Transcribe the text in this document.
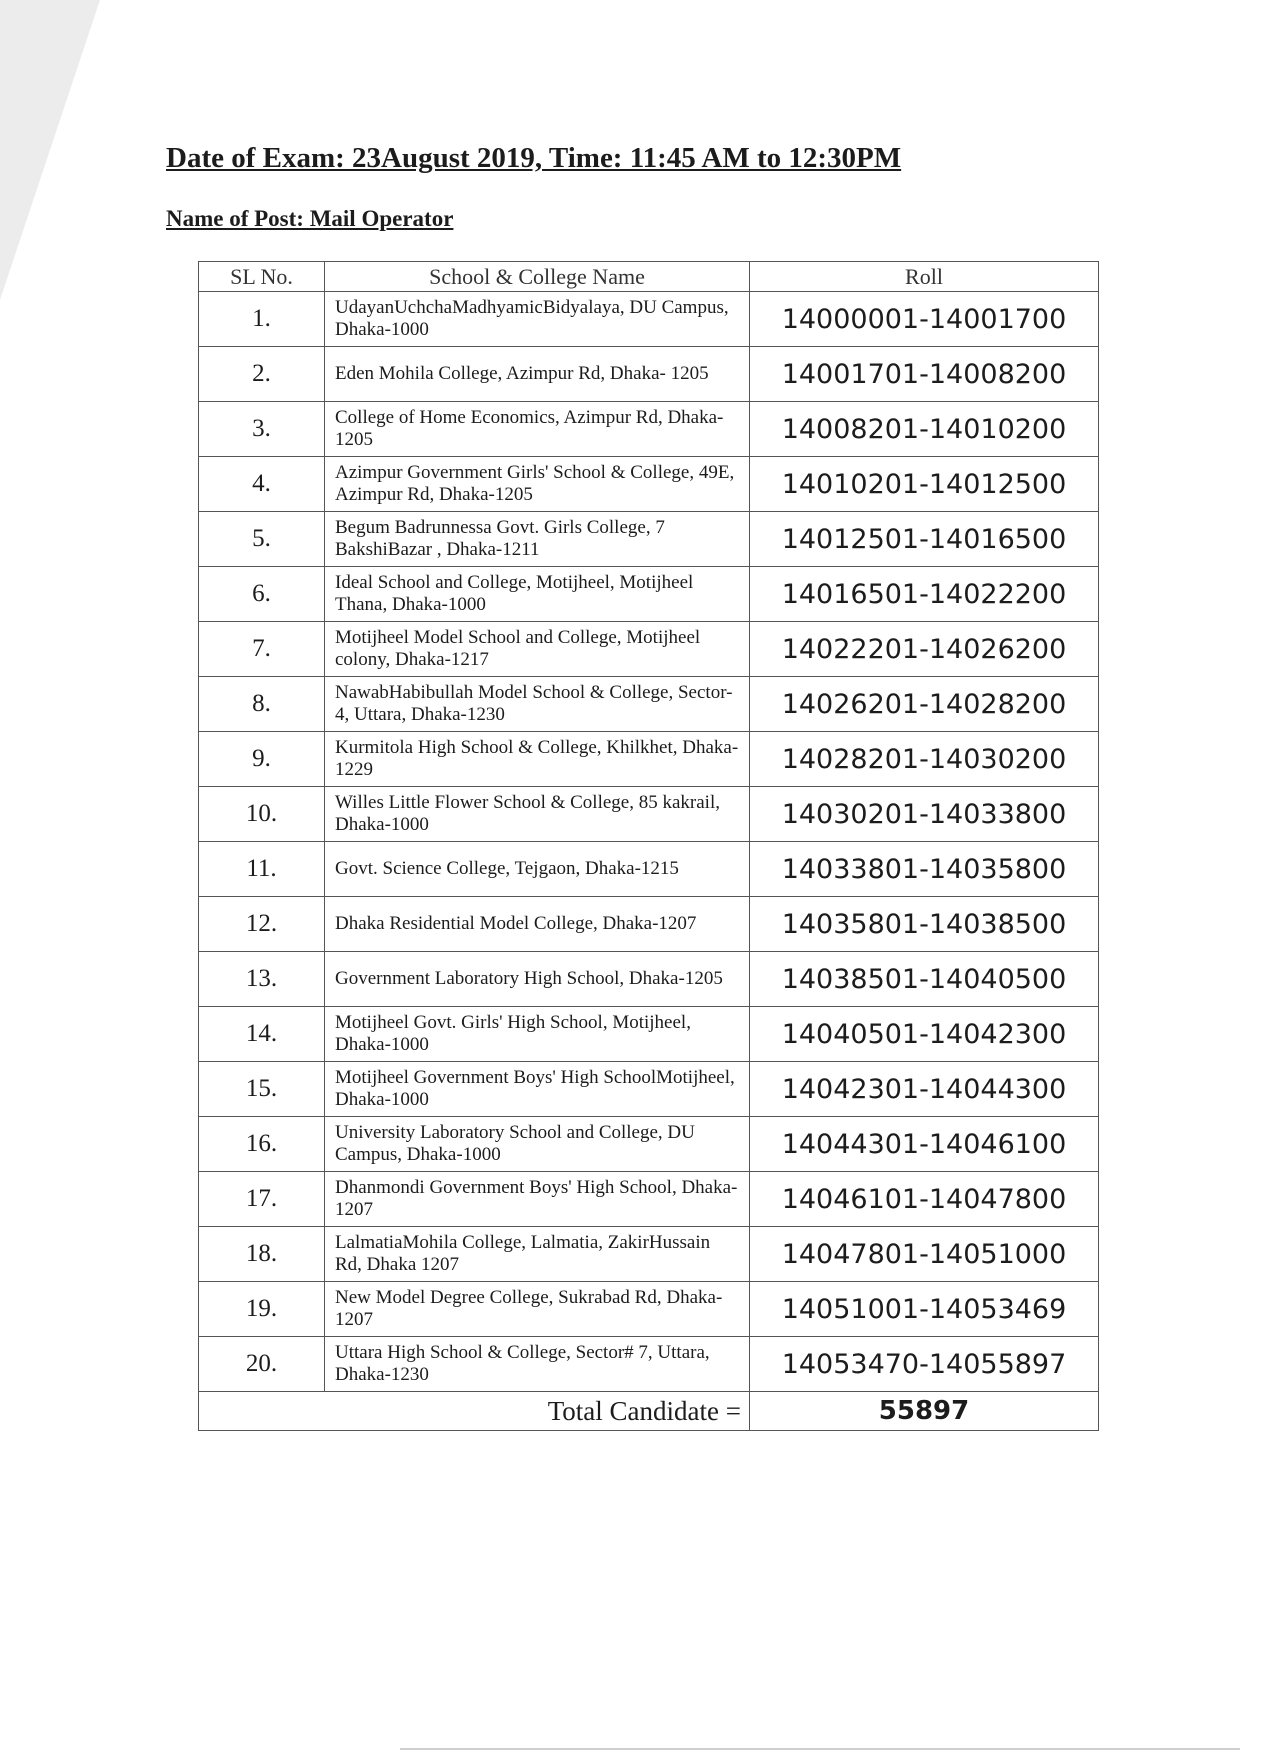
Date of Exam: 23August 2019, Time: 11:45 AM to 12:30PM
Name of Post: Mail Operator
SL No.	School & College Name	Roll
1.	UdayanUchchaMadhyamicBidyalaya, DU Campus, Dhaka-1000	14000001-14001700
2.	Eden Mohila College, Azimpur Rd, Dhaka- 1205	14001701-14008200
3.	College of Home Economics, Azimpur Rd, Dhaka-1205	14008201-14010200
4.	Azimpur Government Girls' School & College, 49E, Azimpur Rd, Dhaka-1205	14010201-14012500
5.	Begum Badrunnessa Govt. Girls College, 7 BakshiBazar , Dhaka-1211	14012501-14016500
6.	Ideal School and College, Motijheel, Motijheel Thana, Dhaka-1000	14016501-14022200
7.	Motijheel Model School and College, Motijheel colony, Dhaka-1217	14022201-14026200
8.	NawabHabibullah Model School & College, Sector-4, Uttara, Dhaka-1230	14026201-14028200
9.	Kurmitola High School & College, Khilkhet, Dhaka-1229	14028201-14030200
10.	Willes Little Flower School & College, 85 kakrail, Dhaka-1000	14030201-14033800
11.	Govt. Science College, Tejgaon, Dhaka-1215	14033801-14035800
12.	Dhaka Residential Model College, Dhaka-1207	14035801-14038500
13.	Government Laboratory High School, Dhaka-1205	14038501-14040500
14.	Motijheel Govt. Girls' High School, Motijheel, Dhaka-1000	14040501-14042300
15.	Motijheel Government Boys' High SchoolMotijheel, Dhaka-1000	14042301-14044300
16.	University Laboratory School and College, DU Campus, Dhaka-1000	14044301-14046100
17.	Dhanmondi Government Boys' High School, Dhaka-1207	14046101-14047800
18.	LalmatiaMohila College, Lalmatia, ZakirHussain Rd, Dhaka 1207	14047801-14051000
19.	New Model Degree College, Sukrabad Rd, Dhaka-1207	14051001-14053469
20.	Uttara High School & College, Sector# 7, Uttara, Dhaka-1230	14053470-14055897
Total Candidate =		55897
